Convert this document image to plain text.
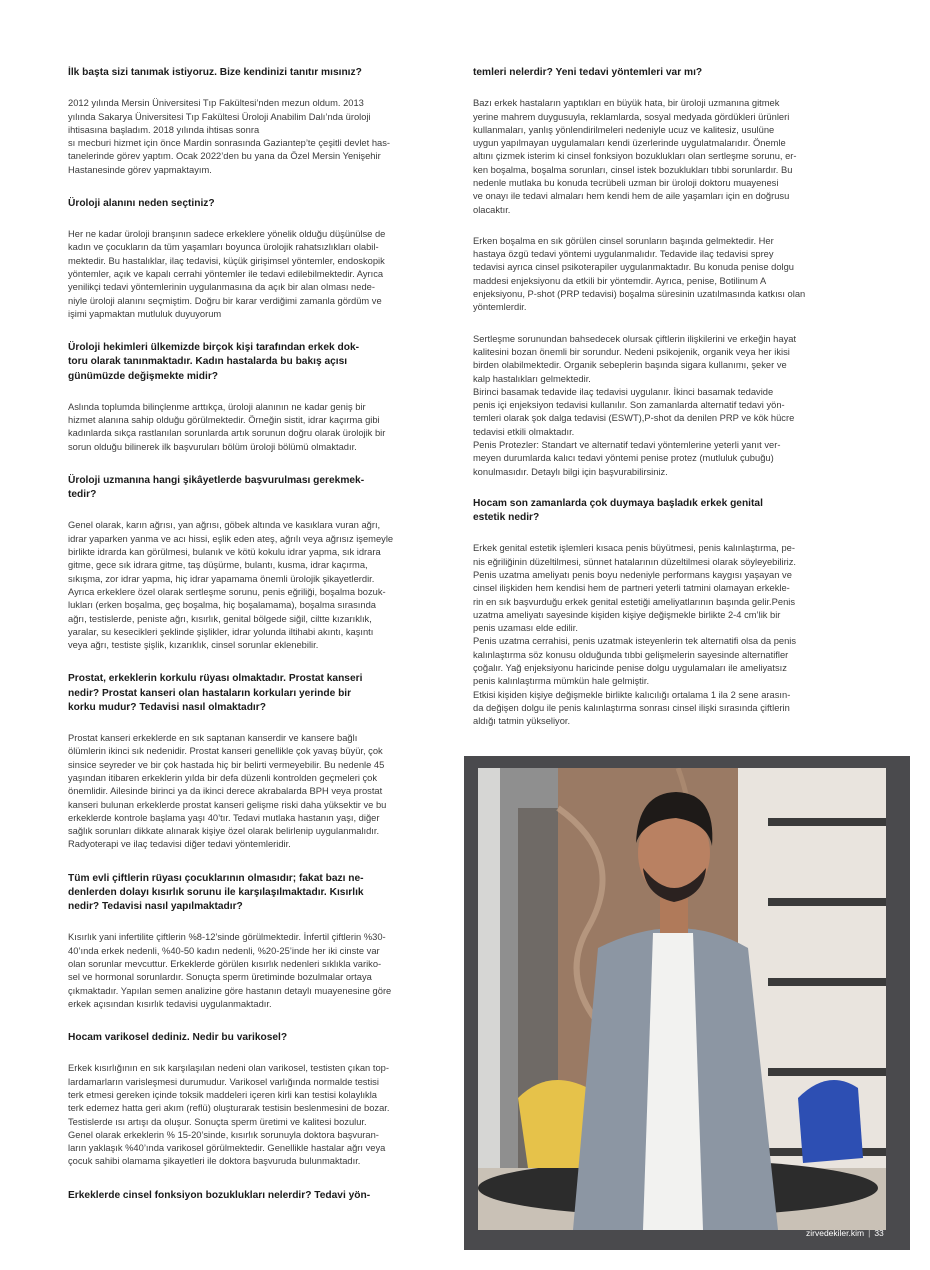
İlk başta sizi tanımak istiyoruz. Bize kendinizi tanıtır mısınız?
2012 yılında Mersin Üniversitesi Tıp Fakültesi’nden mezun oldum. 2013
yılında Sakarya Üniversitesi Tıp Fakültesi Üroloji Anabilim Dalı’nda üroloji
ihtisasına başladım. 2018 yılında ihtisas sonra
sı mecburi hizmet için önce Mardin sonrasında Gaziantep’te çeşitli devlet has-
tanelerinde görev yaptım. Ocak 2022’den bu yana da Özel Mersin Yenişehir
Hastanesinde görev yapmaktayım.
Üroloji alanını neden seçtiniz?
Her ne kadar üroloji branşının sadece erkeklere yönelik olduğu düşünülse de
kadın ve çocukların da tüm yaşamları boyunca ürolojik rahatsızlıkları olabil-
mektedir. Bu hastalıklar, ilaç tedavisi, küçük girişimsel yöntemler, endoskopik
yöntemler, açık ve kapalı cerrahi yöntemler ile tedavi edilebilmektedir. Ayrıca
yenilikçi tedavi yöntemlerinin uygulanmasına da açık bir alan olması nede-
niyle üroloji alanını seçmiştim. Doğru bir karar verdiğimi zamanla gördüm ve
işimi yapmaktan mutluluk duyuyorum
Üroloji hekimleri ülkemizde birçok kişi tarafından erkek dok-
toru olarak tanınmaktadır. Kadın hastalarda bu bakış açısı
günümüzde değişmekte midir?
Aslında toplumda bilinçlenme arttıkça, üroloji alanının ne kadar geniş bir
hizmet alanına sahip olduğu görülmektedir. Örneğin sistit, idrar kaçırma gibi
kadınlarda sıkça rastlanılan sorunlarda artık sorunun doğru olarak ürolojik bir
sorun olduğu bilinerek ilk başvuruları bölüm üroloji bölümü olmaktadır.
Üroloji uzmanına hangi şikâyetlerde başvurulması gerekmek-
tedir?
Genel olarak, karın ağrısı, yan ağrısı, göbek altında ve kasıklara vuran ağrı,
idrar yaparken yanma ve acı hissi, eşlik eden ateş, ağrılı veya ağrısız işemeyle
birlikte idrarda kan görülmesi, bulanık ve kötü kokulu idrar yapma, sık idrara
gitme, gece sık idrara gitme, taş düşürme, bulantı, kusma, idrar kaçırma,
sıkışma, zor idrar yapma, hiç idrar yapamama önemli ürolojik şikayetlerdir.
Ayrıca erkeklere özel olarak sertleşme sorunu, penis eğriliği, boşalma bozuk-
lukları (erken boşalma, geç boşalma, hiç boşalamama), boşalma sırasında
ağrı, testislerde, peniste ağrı, kısırlık, genital bölgede siğil, ciltte kızarıklık,
yaralar, su kesecikleri şeklinde şişlikler, idrar yolunda iltihabi akıntı, kaşıntı
veya ağrı, testiste şişlik, kızarıklık, cinsel sorunlar eklenebilir.
Prostat, erkeklerin korkulu rüyası olmaktadır. Prostat kanseri
nedir? Prostat kanseri olan hastaların korkuları yerinde bir
korku mudur? Tedavisi nasıl olmaktadır?
Prostat kanseri erkeklerde en sık saptanan kanserdir ve kansere bağlı
ölümlerin ikinci sık nedenidir. Prostat kanseri genellikle çok yavaş büyür, çok
sinsice seyreder ve bir çok hastada hiç bir belirti vermeyebilir. Bu nedenle 45
yaşından itibaren erkeklerin yılda bir defa düzenli kontrolden geçmeleri çok
önemlidir. Ailesinde birinci ya da ikinci derece akrabalarda BPH veya prostat
kanseri bulunan erkeklerde prostat kanseri gelişme riski daha yüksektir ve bu
erkeklerde kontrole başlama yaşı 40’tır. Tedavi mutlaka hastanın yaşı, diğer
sağlık sorunları dikkate alınarak kişiye özel olarak belirlenip uygulanmalıdır.
Radyoterapi ve ilaç tedavisi diğer tedavi yöntemleridir.
Tüm evli çiftlerin rüyası çocuklarının olmasıdır; fakat bazı ne-
denlerden dolayı kısırlık sorunu ile karşılaşılmaktadır. Kısırlık
nedir? Tedavisi nasıl yapılmaktadır?
Kısırlık yani infertilite çiftlerin %8-12’sinde görülmektedir. İnfertil çiftlerin %30-
40’ında erkek nedenli, %40-50 kadın nedenli, %20-25’inde her iki cinste var
olan sorunlar mevcuttur. Erkeklerde görülen kısırlık nedenleri sıklıkla variko-
sel ve hormonal sorunlardır. Sonuçta sperm üretiminde bozulmalar ortaya
çıkmaktadır. Yapılan semen analizine göre hastanın detaylı muayenesine göre
erkek açısından kısırlık tedavisi uygulanmaktadır.
Hocam varikosel dediniz. Nedir bu varikosel?
Erkek kısırlığının en sık karşılaşılan nedeni olan varikosel, testisten çıkan top-
lardamarların varisleşmesi durumudur. Varikosel varlığında normalde testisi
terk etmesi gereken içinde toksik maddeleri içeren kirli kan testisi kolaylıkla
terk edemez hatta geri akım (reflü) oluşturarak testisin beslenmesini de bozar.
Testislerde ısı artışı da oluşur. Sonuçta sperm üretimi ve kalitesi bozulur.
Genel olarak erkeklerin % 15-20’sinde, kısırlık sorunuyla doktora başvuran-
ların yaklaşık %40’ında varikosel görülmektedir. Genellikle hastalar ağrı veya
çocuk sahibi olamama şikayetleri ile doktora başvuruda bulunmaktadır.
Erkeklerde cinsel fonksiyon bozuklukları nelerdir? Tedavi yön-
temleri nelerdir? Yeni tedavi yöntemleri var mı?
Bazı erkek hastaların yaptıkları en büyük hata, bir üroloji uzmanına gitmek
yerine mahrem duygusuyla, reklamlarda, sosyal medyada gördükleri ürünleri
kullanmaları, yanlış yönlendirilmeleri nedeniyle ucuz ve kalitesiz, usulüne
uygun yapılmayan uygulamaları kendi üzerlerinde uygulatmalarıdır. Önemle
altını çizmek isterim ki cinsel fonksiyon bozuklukları olan sertleşme sorunu, er-
ken boşalma, boşalma sorunları, cinsel istek bozuklukları tıbbi sorunlardır. Bu
nedenle mutlaka bu konuda tecrübeli uzman bir üroloji doktoru muayenesi
ve onayı ile tedavi almaları hem kendi hem de aile yaşamları için en doğrusu
olacaktır.
Erken boşalma en sık görülen cinsel sorunların başında gelmektedir. Her
hastaya özgü tedavi yöntemi uygulanmalıdır. Tedavide ilaç tedavisi sprey
tedavisi ayrıca cinsel psikoterapiler uygulanmaktadır. Bu konuda penise dolgu
maddesi enjeksiyonu da etkili bir yöntemdir. Ayrıca, penise, Botilinum A
enjeksiyonu, P-shot (PRP tedavisi) boşalma süresinin uzatılmasında katkısı olan
yöntemlerdir.
Sertleşme sorunundan bahsedecek olursak çiftlerin ilişkilerini ve erkeğin hayat
kalitesini bozan önemli bir sorundur. Nedeni psikojenik, organik veya her ikisi
birden olabilmektedir. Organik sebeplerin başında sigara kullanımı, şeker ve
kalp hastalıkları gelmektedir.
Birinci basamak tedavide ilaç tedavisi uygulanır. İkinci basamak tedavide
penis içi enjeksiyon tedavisi kullanılır. Son zamanlarda alternatif tedavi yön-
temleri olarak şok dalga tedavisi (ESWT),P-shot da denilen PRP ve kök hücre
tedavisi etkili olmaktadır.
Penis Protezler: Standart ve alternatif tedavi yöntemlerine yeterli yanıt ver-
meyen durumlarda kalıcı tedavi yöntemi penise protez (mutluluk çubuğu)
konulmasıdır. Detaylı bilgi için başvurabilirsiniz.
Hocam son zamanlarda çok duymaya başladık erkek genital
estetik nedir?
Erkek genital estetik işlemleri kısaca penis büyütmesi, penis kalınlaştırma, pe-
nis eğriliğinin düzeltilmesi, sünnet hatalarının düzeltilmesi olarak söyleyebiliriz.
Penis uzatma ameliyatı penis boyu nedeniyle performans kaygısı yaşayan ve
cinsel ilişkiden hem kendisi hem de partneri yeterli tatmini olamayan erkekle-
rin en sık başvurduğu erkek genital estetiği ameliyatlarının başında gelir.Penis
uzatma ameliyatı sayesinde kişiden kişiye değişmekle birlikte 2-4 cm’lik bir
penis uzaması elde edilir.
Penis uzatma cerrahisi, penis uzatmak isteyenlerin tek alternatifi olsa da penis
kalınlaştırma söz konusu olduğunda tıbbi gelişmelerin sayesinde alternatifler
çoğalır. Yağ enjeksiyonu haricinde penise dolgu uygulamaları ile ameliyatsız
penis kalınlaştırma mümkün hale gelmiştir.
Etkisi kişiden kişiye değişmekle birlikte kalıcılığı ortalama 1 ila 2 sene arasın-
da değişen dolgu ile penis kalınlaştırma sonrası cinsel ilişki sırasında çiftlerin
aldığı tatmin yükseliyor.
zirvedekiler.kim | 33
